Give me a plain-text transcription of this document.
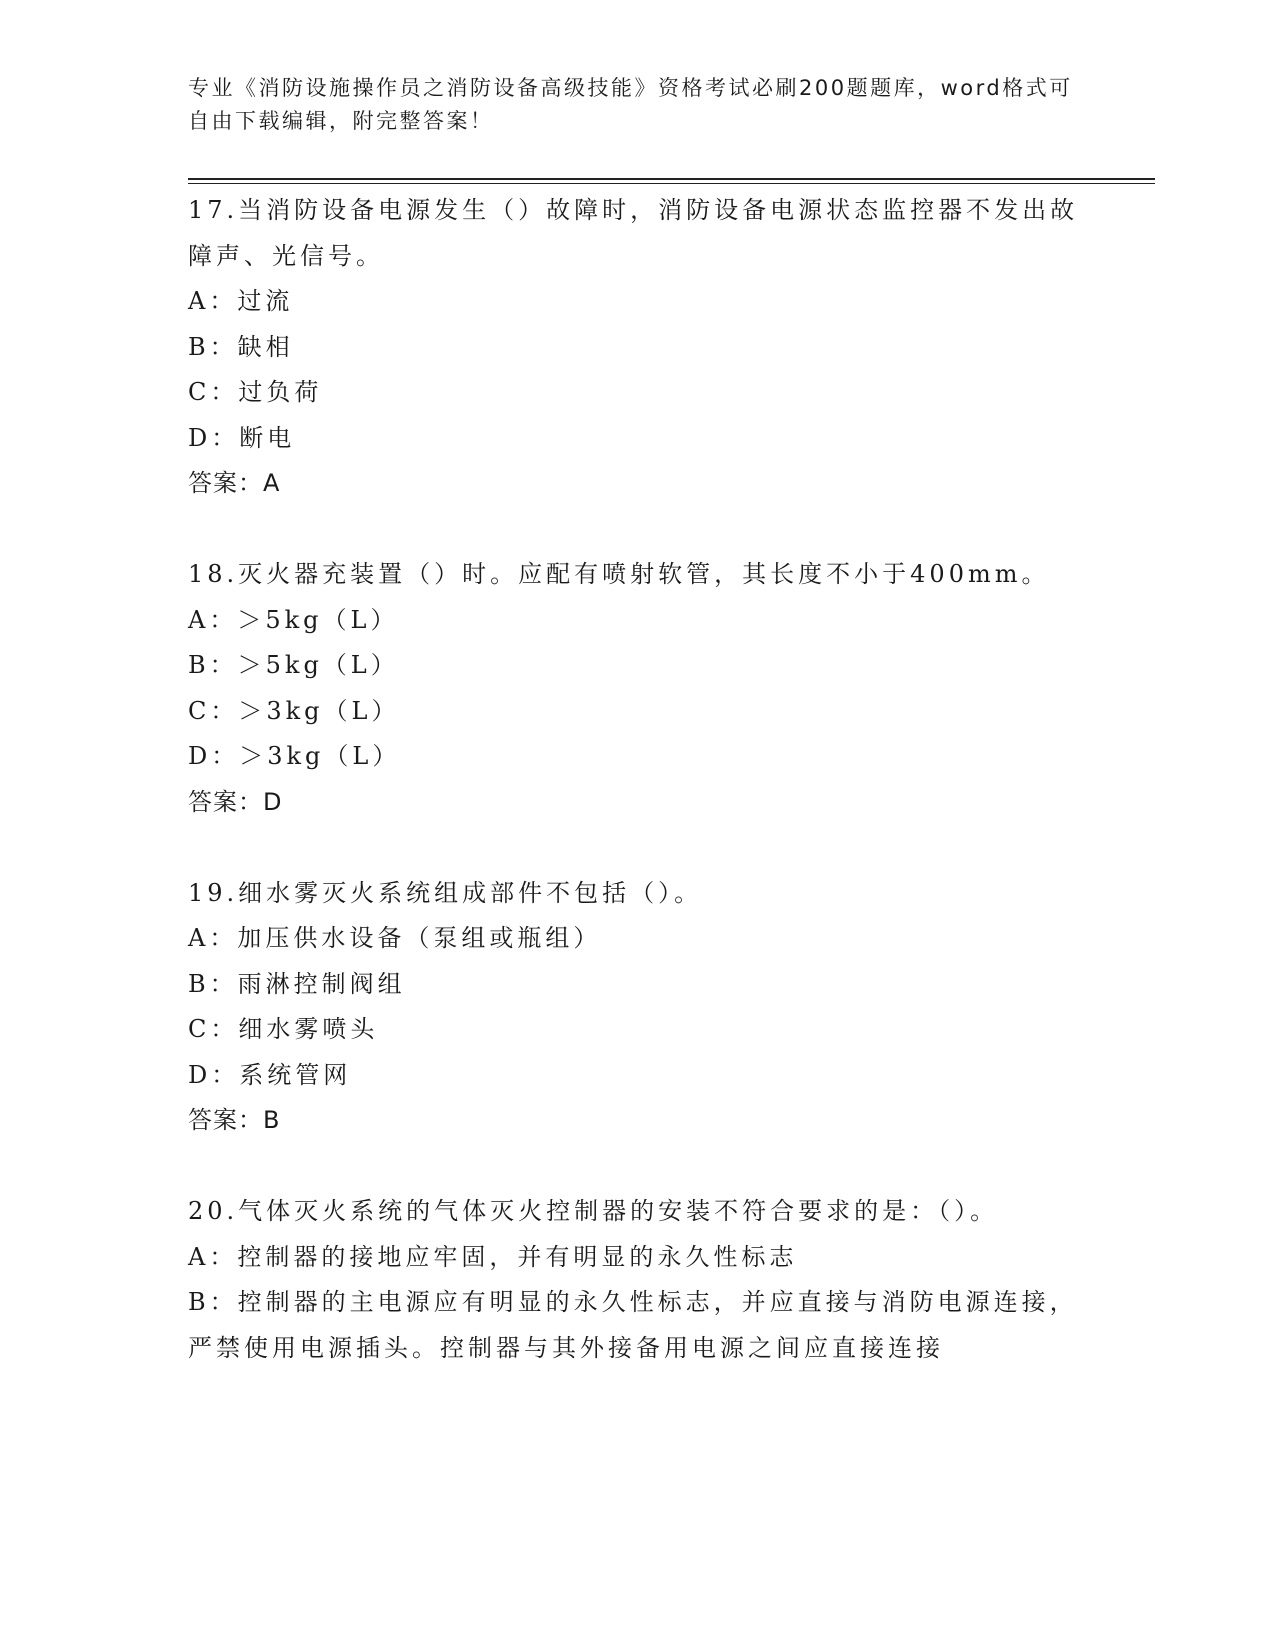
专业《消防设施操作员之消防设备高级技能》资格考试必刷200题题库，word格式可自由下载编辑，附完整答案！
17.当消防设备电源发生（）故障时，消防设备电源状态监控器不发出故障声、光信号。
A：过流
B：缺相
C：过负荷
D：断电
答案：A
18.灭火器充装置（）时。应配有喷射软管，其长度不小于400mm。
A：＞5kg（L）
B：＞5kg（L）
C：＞3kg（L）
D：＞3kg（L）
答案：D
19.细水雾灭火系统组成部件不包括（）。
A：加压供水设备（泵组或瓶组）
B：雨淋控制阀组
C：细水雾喷头
D：系统管网
答案：B
20.气体灭火系统的气体灭火控制器的安装不符合要求的是：（）。
A：控制器的接地应牢固，并有明显的永久性标志
B：控制器的主电源应有明显的永久性标志，并应直接与消防电源连接，严禁使用电源插头。控制器与其外接备用电源之间应直接连接
